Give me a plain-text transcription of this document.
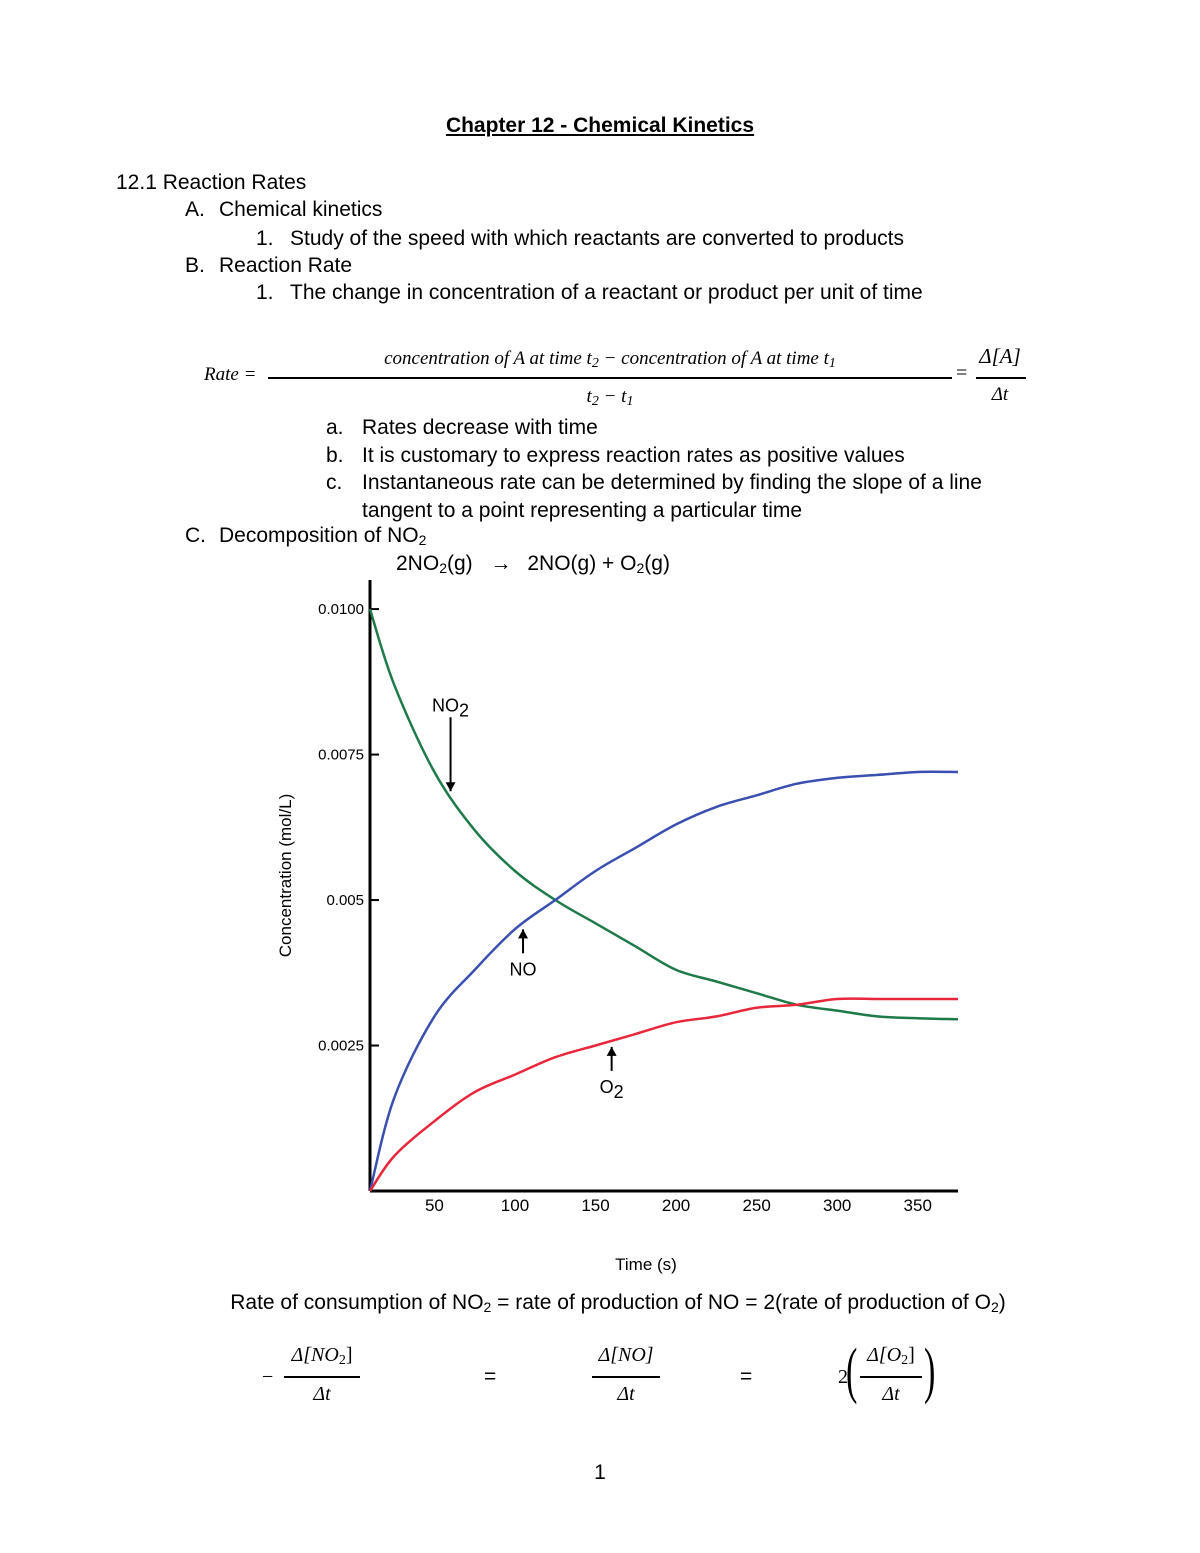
Chapter 12 - Chemical Kinetics
12.1 Reaction Rates
A. Chemical kinetics
1. Study of the speed with which reactants are converted to products
B. Reaction Rate
1. The change in concentration of a reactant or product per unit of time
Rate =
concentration of A at time $t_2$ − concentration of A at time $t_1$
$t_2 - t_1$
=
Δ[A]
Δt
a. Rates decrease with time
b. It is customary to express reaction rates as positive values
c. Instantaneous rate can be determined by finding the slope of a line
tangent to a point representing a particular time
C. Decomposition of $NO_2$
$2NO_2(g) \to 2NO(g) + O_2(g)$
0.0025
0.005
0.0075
0.0100
50	100	150	200	250	300	350
Time (s)
Concentration (mol/L)
NO2
NO
O2
Rate of consumption of $NO_2$ = rate of production of NO = 2(rate of production of $O_2$)
−
$\Delta[NO_2]$
Δt
=
Δ[NO]
Δt
=	2
( $\Delta[O_2]$
Δt )
1
